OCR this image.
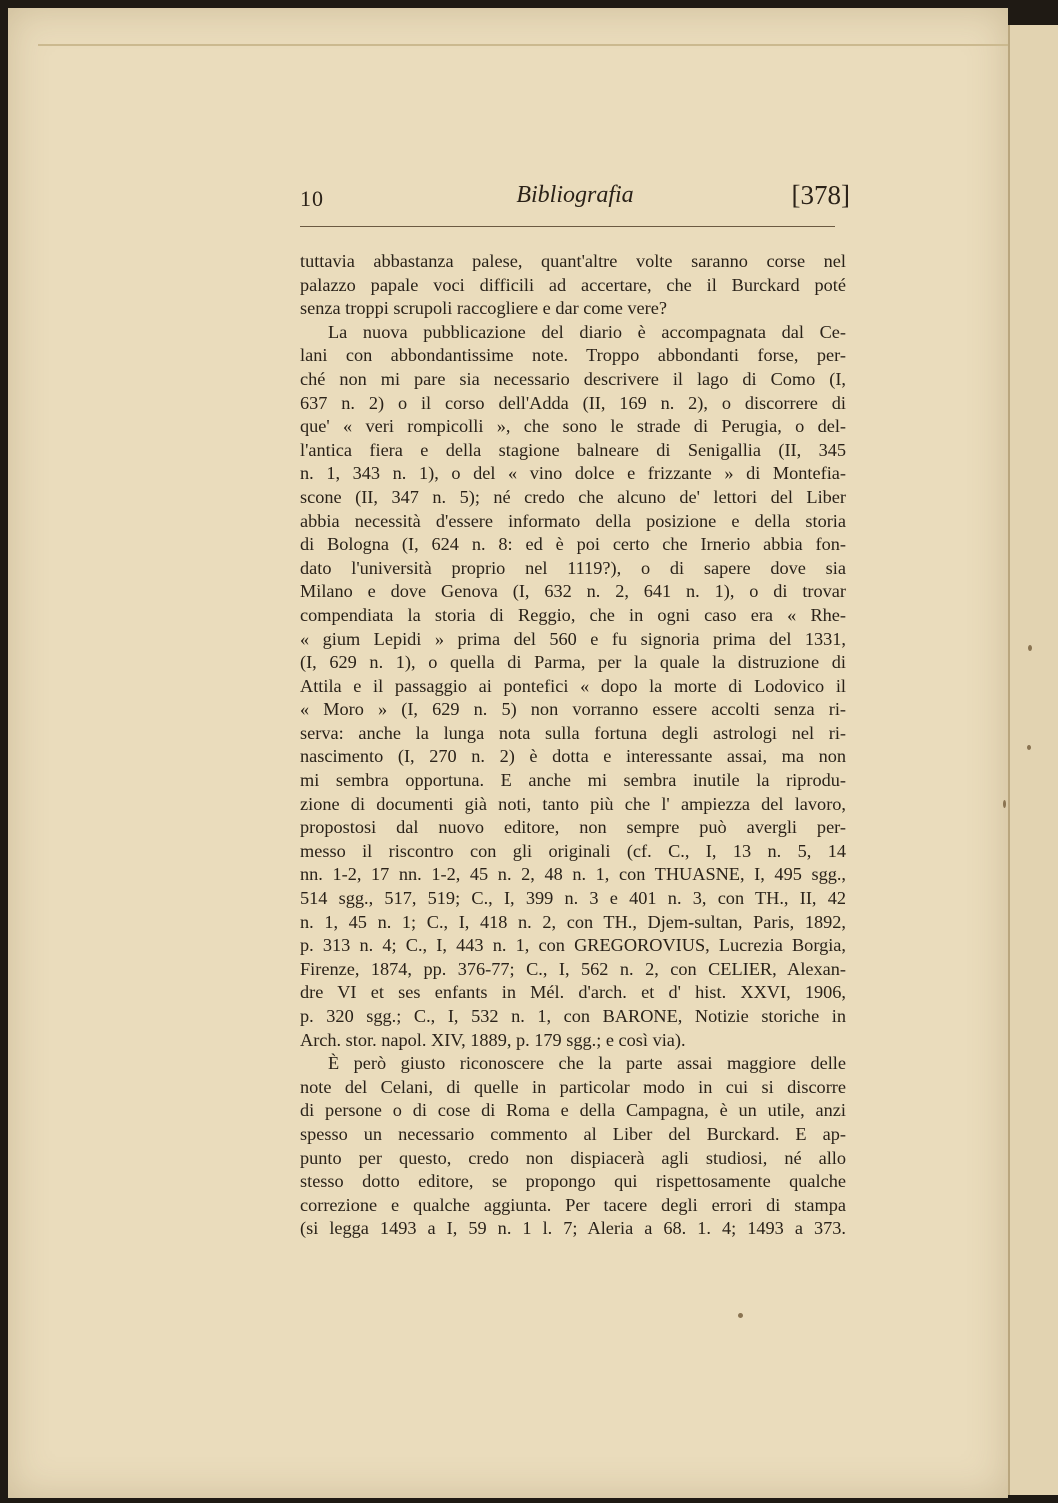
10	Bibliografia	[378]
tuttavia abbastanza palese, quant'altre volte saranno corse nel
palazzo papale voci difficili ad accertare, che il Burckard poté
senza troppi scrupoli raccogliere e dar come vere?
La nuova pubblicazione del diario è accompagnata dal Ce-
lani con abbondantissime note. Troppo abbondanti forse, per-
ché non mi pare sia necessario descrivere il lago di Como (I,
637 n. 2) o il corso dell'Adda (II, 169 n. 2), o discorrere di
que' « veri rompicolli », che sono le strade di Perugia, o del-
l'antica fiera e della stagione balneare di Senigallia (II, 345
n. 1, 343 n. 1), o del « vino dolce e frizzante » di Montefia-
scone (II, 347 n. 5); né credo che alcuno de' lettori del Liber
abbia necessità d'essere informato della posizione e della storia
di Bologna (I, 624 n. 8: ed è poi certo che Irnerio abbia fon-
dato l'università proprio nel 1119?), o di sapere dove sia
Milano e dove Genova (I, 632 n. 2, 641 n. 1), o di trovar
compendiata la storia di Reggio, che in ogni caso era « Rhe-
« gium Lepidi » prima del 560 e fu signoria prima del 1331,
(I, 629 n. 1), o quella di Parma, per la quale la distruzione di
Attila e il passaggio ai pontefici « dopo la morte di Lodovico il
« Moro » (I, 629 n. 5) non vorranno essere accolti senza ri-
serva: anche la lunga nota sulla fortuna degli astrologi nel ri-
nascimento (I, 270 n. 2) è dotta e interessante assai, ma non
mi sembra opportuna. E anche mi sembra inutile la riprodu-
zione di documenti già noti, tanto più che l' ampiezza del lavoro,
propostosi dal nuovo editore, non sempre può avergli per-
messo il riscontro con gli originali (cf. C., I, 13 n. 5, 14
nn. 1-2, 17 nn. 1-2, 45 n. 2, 48 n. 1, con THUASNE, I, 495 sgg.,
514 sgg., 517, 519; C., I, 399 n. 3 e 401 n. 3, con TH., II, 42
n. 1, 45 n. 1; C., I, 418 n. 2, con TH., Djem-sultan, Paris, 1892,
p. 313 n. 4; C., I, 443 n. 1, con GREGOROVIUS, Lucrezia Borgia,
Firenze, 1874, pp. 376-77; C., I, 562 n. 2, con CELIER, Alexan-
dre VI et ses enfants in Mél. d'arch. et d' hist. XXVI, 1906,
p. 320 sgg.; C., I, 532 n. 1, con BARONE, Notizie storiche in
Arch. stor. napol. XIV, 1889, p. 179 sgg.; e così via).
È però giusto riconoscere che la parte assai maggiore delle
note del Celani, di quelle in particolar modo in cui si discorre
di persone o di cose di Roma e della Campagna, è un utile, anzi
spesso un necessario commento al Liber del Burckard. E ap-
punto per questo, credo non dispiacerà agli studiosi, né allo
stesso dotto editore, se propongo qui rispettosamente qualche
correzione e qualche aggiunta. Per tacere degli errori di stampa
(si legga 1493 a I, 59 n. 1 l. 7; Aleria a 68. 1. 4; 1493 a 373.
